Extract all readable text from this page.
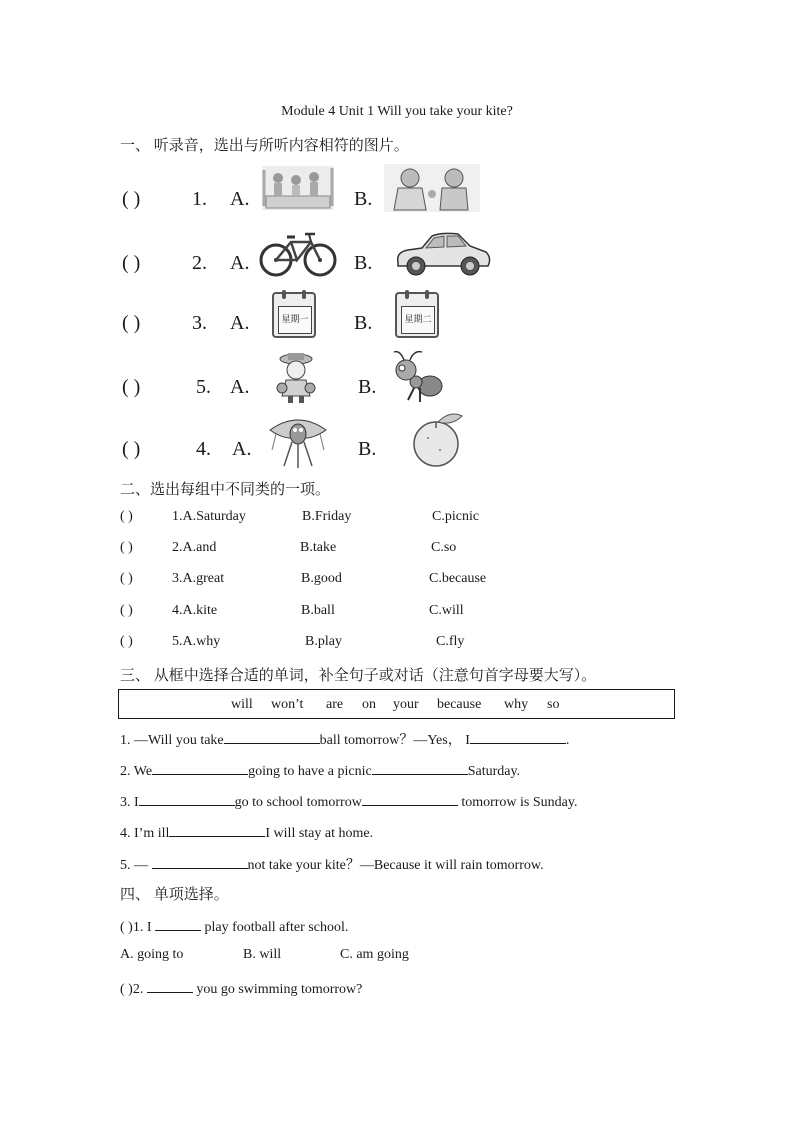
Module 4 Unit 1 Will you take your kite?
一、 听录音，选出与所听内容相符的图片。
( )	1. A.	B.
( )	2. A.	B.
( )	3. A.	B.
星期一	星期二
( )	5. A.	B.
( )	4. A.	B.
二、选出每组中不同类的一项。
( )	1.A.Saturday	B.Friday	C.picnic
( )	2.A.and	B.take	C.so
( )	3.A.great	B.good	C.because
( )	4.A.kite	B.ball	C.will
( )	5.A.why	B.play	C.fly
三、 从框中选择合适的单词，补全句子或对话（注意句首字母要大写）。
will won’t are on your because why so
1. —Will you take	ball tomorrow？—Yes， I	.
2. We	going to have a picnic	Saturday.
3. I	go to school tomorrow	tomorrow is Sunday.
4. I’m ill	I will stay at home.
5. —	not take your kite？—Because it will rain tomorrow.
四、 单项选择。
( )1. I	play football after school.
A. going to	B. will	C. am going
( )2.	you go swimming tomorrow?
